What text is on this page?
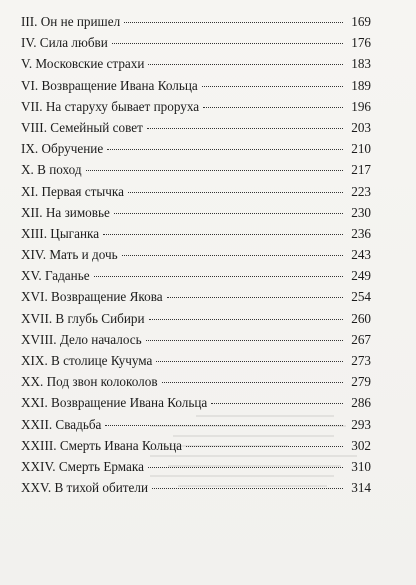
III. Он не пришел	169
IV. Сила любви	176
V. Московские страхи	183
VI. Возвращение Ивана Кольца	189
VII. На старуху бывает проруха	196
VIII. Семейный совет	203
IX. Обручение	210
X. В поход	217
XI. Первая стычка	223
XII. На зимовье	230
XIII. Цыганка	236
XIV. Мать и дочь	243
XV. Гаданье	249
XVI. Возвращение Якова	254
XVII. В глубь Сибири	260
XVIII. Дело началось	267
XIX. В столице Кучума	273
XX. Под звон колоколов	279
XXI. Возвращение Ивана Кольца	286
XXII. Свадьба	293
XXIII. Смерть Ивана Кольца	302
XXIV. Смерть Ермака	310
XXV. В тихой обители	314
